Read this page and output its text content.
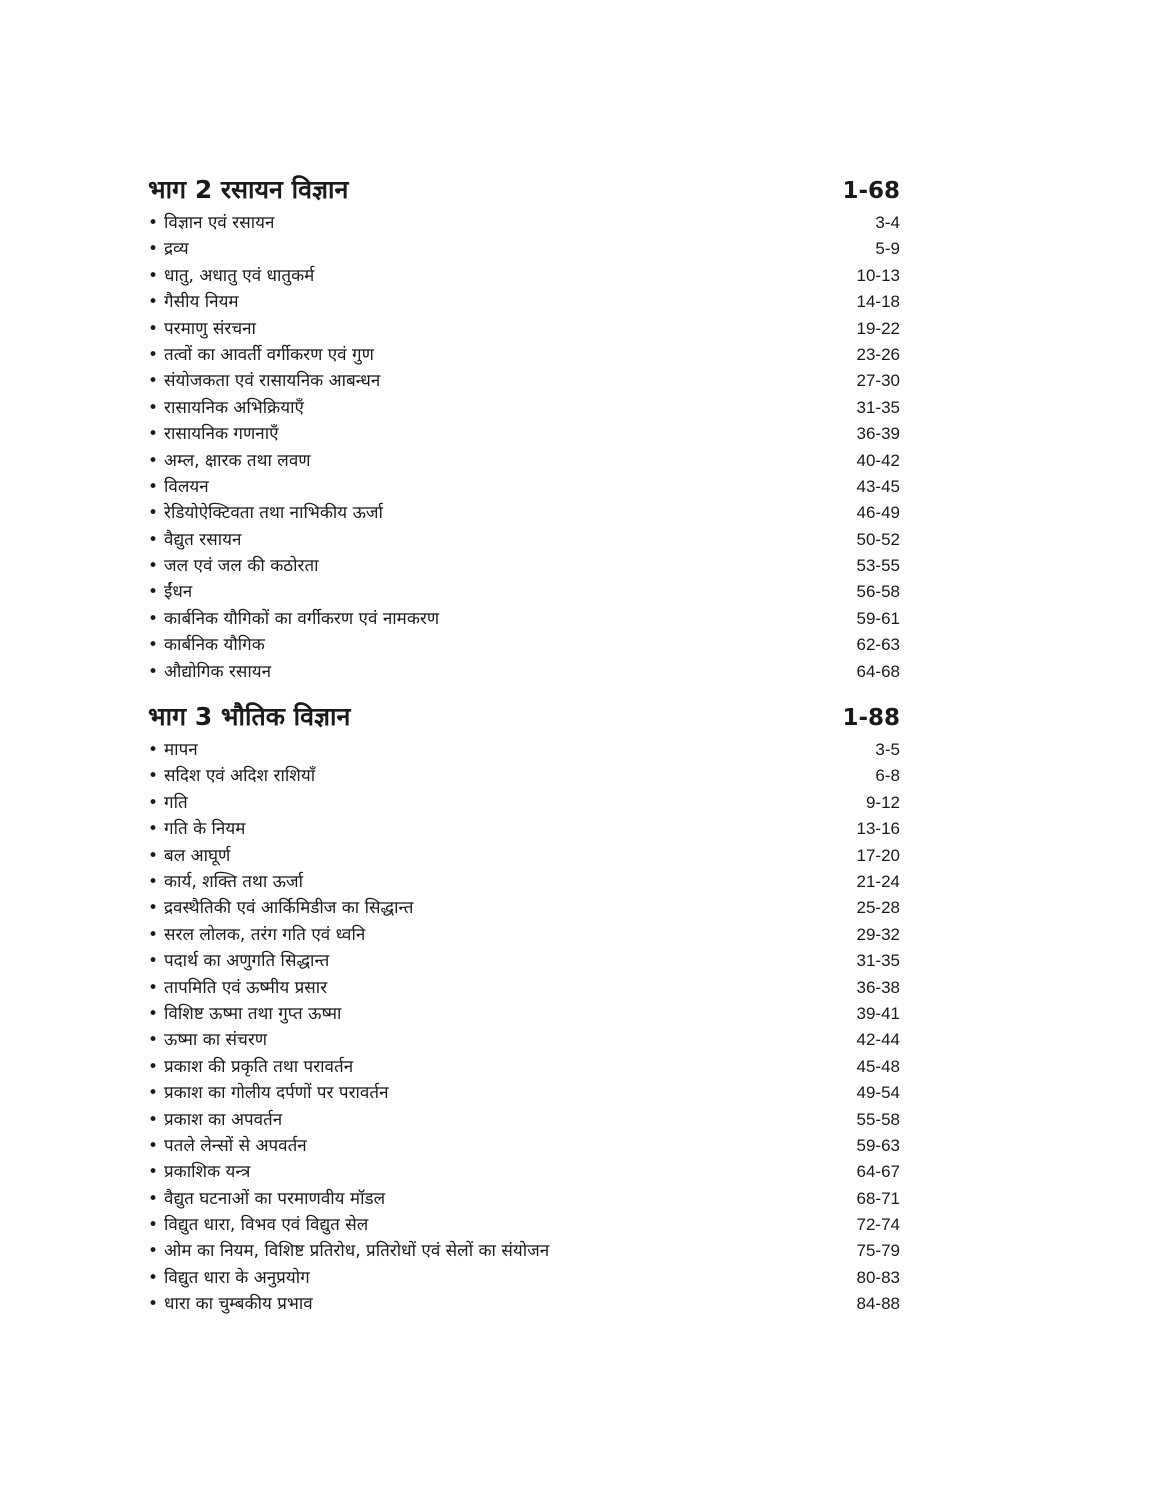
भाग 2 रसायन विज्ञान	1-68
• विज्ञान एवं रसायन	3-4
• द्रव्य	5-9
• धातु, अधातु एवं धातुकर्म	10-13
• गैसीय नियम	14-18
• परमाणु संरचना	19-22
• तत्वों का आवर्ती वर्गीकरण एवं गुण	23-26
• संयोजकता एवं रासायनिक आबन्धन	27-30
• रासायनिक अभिक्रियाएँ	31-35
• रासायनिक गणनाएँ	36-39
• अम्ल, क्षारक तथा लवण	40-42
• विलयन	43-45
• रेडियोऐक्टिवता तथा नाभिकीय ऊर्जा	46-49
• वैद्युत रसायन	50-52
• जल एवं जल की कठोरता	53-55
• ईंधन	56-58
• कार्बनिक यौगिकों का वर्गीकरण एवं नामकरण	59-61
• कार्बनिक यौगिक	62-63
• औद्योगिक रसायन	64-68
भाग 3 भौतिक विज्ञान	1-88
• मापन	3-5
• सदिश एवं अदिश राशियाँ	6-8
• गति	9-12
• गति के नियम	13-16
• बल आघूर्ण	17-20
• कार्य, शक्ति तथा ऊर्जा	21-24
• द्रवस्थैतिकी एवं आर्किमिडीज का सिद्धान्त	25-28
• सरल लोलक, तरंग गति एवं ध्वनि	29-32
• पदार्थ का अणुगति सिद्धान्त	31-35
• तापमिति एवं ऊष्मीय प्रसार	36-38
• विशिष्ट ऊष्मा तथा गुप्त ऊष्मा	39-41
• ऊष्मा का संचरण	42-44
• प्रकाश की प्रकृति तथा परावर्तन	45-48
• प्रकाश का गोलीय दर्पणों पर परावर्तन	49-54
• प्रकाश का अपवर्तन	55-58
• पतले लेन्सों से अपवर्तन	59-63
• प्रकाशिक यन्त्र	64-67
• वैद्युत घटनाओं का परमाणवीय मॉडल	68-71
• विद्युत धारा, विभव एवं विद्युत सेल	72-74
• ओम का नियम, विशिष्ट प्रतिरोध, प्रतिरोधों एवं सेलों का संयोजन	75-79
• विद्युत धारा के अनुप्रयोग	80-83
• धारा का चुम्बकीय प्रभाव	84-88
